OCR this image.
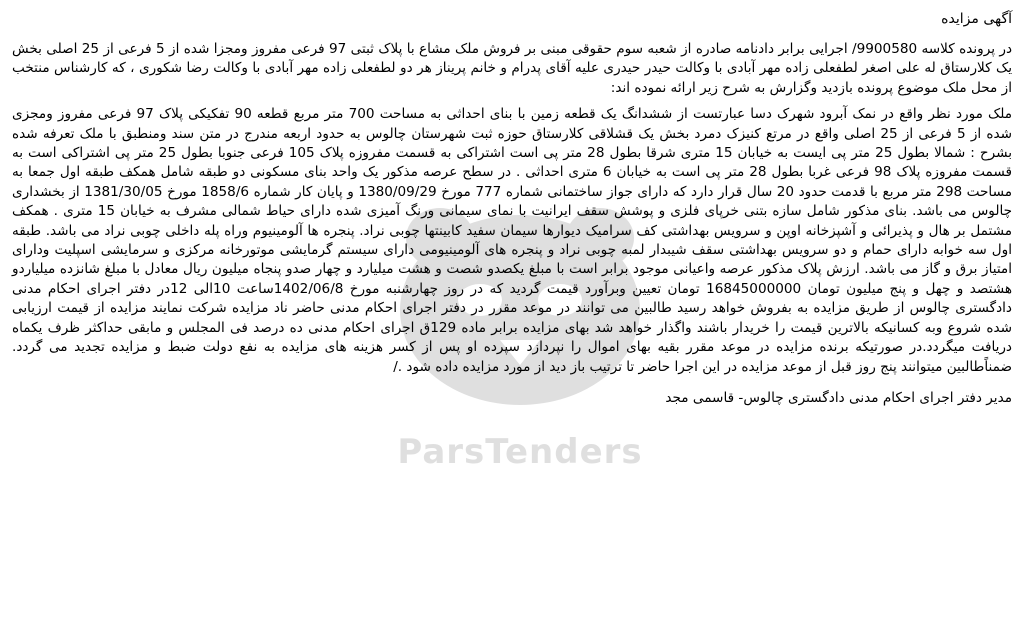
ParsTenders
آگهی مزایده

در پرونده کلاسه 9900580/ اجرایی برابر دادنامه صادره از شعبه سوم حقوقی مبنی بر فروش ملک مشاع با پلاک ثبتی 97 فرعی مفروز ومجزا شده از 5 فرعی از 25 اصلی بخش یک کلارستاق له علی اصغر لطفعلی زاده مهر آبادی با وکالت حیدر حیدری علیه آقای پدرام و خانم پریناز هر دو لطفعلی زاده مهر آبادی با وکالت رضا شکوری ، که کارشناس منتخب از محل ملک موضوع پرونده بازدید وگزارش به شرح زیر ارائه نموده اند:

ملک مورد نظر واقع در نمک آبرود شهرک دسا عبارتست از ششدانگ یک قطعه زمین با بنای احداثی به مساحت 700 متر مربع قطعه 90 تفکیکی پلاک 97 فرعی مفروز ومجزی شده از 5 فرعی از 25 اصلی واقع در مرتع کنیزک دمرد بخش یک قشلاقی کلارستاق حوزه ثبت شهرستان چالوس به حدود اربعه مندرج در متن سند ومنطبق با ملک تعرفه شده بشرح : شمالا بطول 25 متر پی ایست به خیابان 15 متری شرقا بطول 28 متر پی است اشتراکی به قسمت مفروزه پلاک 105 فرعی جنوبا بطول 25 متر پی اشتراکی است به قسمت مفروزه پلاک 98 فرعی غربا بطول 28 متر پی است به خیابان 6 متری احداثی . در سطح عرصه مذکور یک واحد بنای مسکونی دو طبقه شامل همکف طبقه اول جمعا به مساحت 298 متر مربع با قدمت حدود 20 سال قرار دارد که دارای جواز ساختمانی شماره 777 مورخ 1380/09/29 و پایان کار شماره 1858/6 مورخ 1381/30/05 از بخشداری چالوس می باشد. بنای مذکور شامل سازه بتنی خرپای فلزی و پوشش سقف ایرانیت با نمای سیمانی ورنگ آمیزی شده دارای حیاط شمالی مشرف به خیابان 15 متری . همکف مشتمل بر هال و پذیرائی و آشپزخانه اوپن و سرویس بهداشتی کف سرامیک دیوارها سیمان سفید کابینتها چوبی نراد. پنجره ها آلومینیوم وراه پله داخلی چوبی نراد می باشد. طبقه اول سه خوابه دارای حمام و دو سرویس بهداشتی سقف شیبدار لمبه چوبی نراد و پنجره های آلومینیومی دارای سیستم گرمایشی موتورخانه مرکزی و سرمایشی اسپلیت ودارای امتیاز برق و گاز می باشد. ارزش پلاک مذکور عرصه واعیانی موجود برابر است با مبلغ یکصدو شصت و هشت میلیارد و چهار صدو پنجاه میلیون ریال معادل با مبلغ شانزده میلیاردو هشتصد و چهل و پنج میلیون تومان 16845000000 تومان تعیین وبرآورد قیمت گردید که در روز چهارشنبه مورخ 1402/06/8ساعت 10الی 12در دفتر اجرای احکام مدنی دادگستری چالوس از طریق مزایده به بفروش خواهد رسید طالبین می توانند در موعد مقرر در دفتر اجرای احکام مدنی حاضر ناد مزایده شرکت نمایند مزایده از قیمت ارزیابی شده شروع وبه کسانیکه بالاترین قیمت را خریدار باشند واگذار خواهد شد بهای مزایده برابر ماده 129ق اجرای احکام مدنی ده درصد فی المجلس و مابقی حداکثر ظرف یکماه دریافت میگردد.در صورتیکه برنده مزایده در موعد مقرر بقیه بهای اموال را نپردازد سپرده او پس از کسر هزینه های مزایده به نفع دولت ضبط و مزایده تجدید می گردد. ضمناًطالبین میتوانند پنج روز قبل از موعد مزایده در این اجرا حاضر تا ترتیب باز دید از مورد مزایده داده شود ./

مدیر دفتر اجرای احکام مدنی دادگستری چالوس- قاسمی مجد
